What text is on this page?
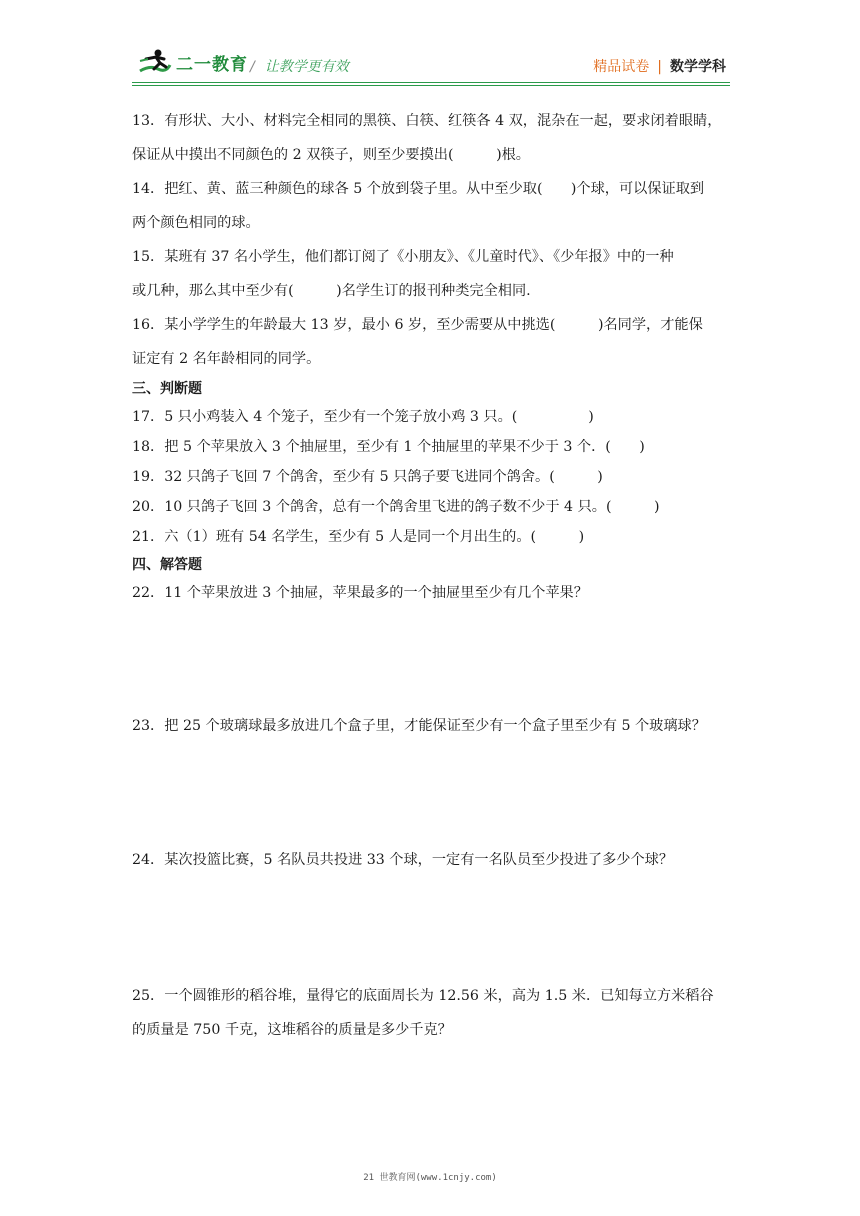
二一教育 / 让教学更有效	精品试卷 | 数学学科

13．有形状、大小、材料完全相同的黑筷、白筷、红筷各 4 双，混杂在一起，要求闭着眼睛，

保证从中摸出不同颜色的 2 双筷子，则至少要摸出(　　　)根。

14．把红、黄、蓝三种颜色的球各 5 个放到袋子里。从中至少取(　　)个球，可以保证取到

两个颜色相同的球。

15．某班有 37 名小学生，他们都订阅了《小朋友》、《儿童时代》、《少年报》中的一种

或几种，那么其中至少有(　　　)名学生订的报刊种类完全相同.

16．某小学学生的年龄最大 13 岁，最小 6 岁，至少需要从中挑选(　　　)名同学，才能保

证定有 2 名年龄相同的同学。

三、判断题

17．5 只小鸡装入 4 个笼子，至少有一个笼子放小鸡 3 只。(　　　　　)

18．把 5 个苹果放入 3 个抽屉里，至少有 1 个抽屉里的苹果不少于 3 个．(　　)

19．32 只鸽子飞回 7 个鸽舍，至少有 5 只鸽子要飞进同个鸽舍。(　　　)

20．10 只鸽子飞回 3 个鸽舍，总有一个鸽舍里飞进的鸽子数不少于 4 只。(　　　)

21．六（1）班有 54 名学生，至少有 5 人是同一个月出生的。(　　　)

四、解答题

22．11 个苹果放进 3 个抽屉，苹果最多的一个抽屉里至少有几个苹果？

23．把 25 个玻璃球最多放进几个盒子里，才能保证至少有一个盒子里至少有 5 个玻璃球？

24．某次投篮比赛，5 名队员共投进 33 个球，一定有一名队员至少投进了多少个球？

25．一个圆锥形的稻谷堆，量得它的底面周长为 12.56 米，高为 1.5 米．已知每立方米稻谷

的质量是 750 千克，这堆稻谷的质量是多少千克？

21 世教育网(www.1cnjy.com)
